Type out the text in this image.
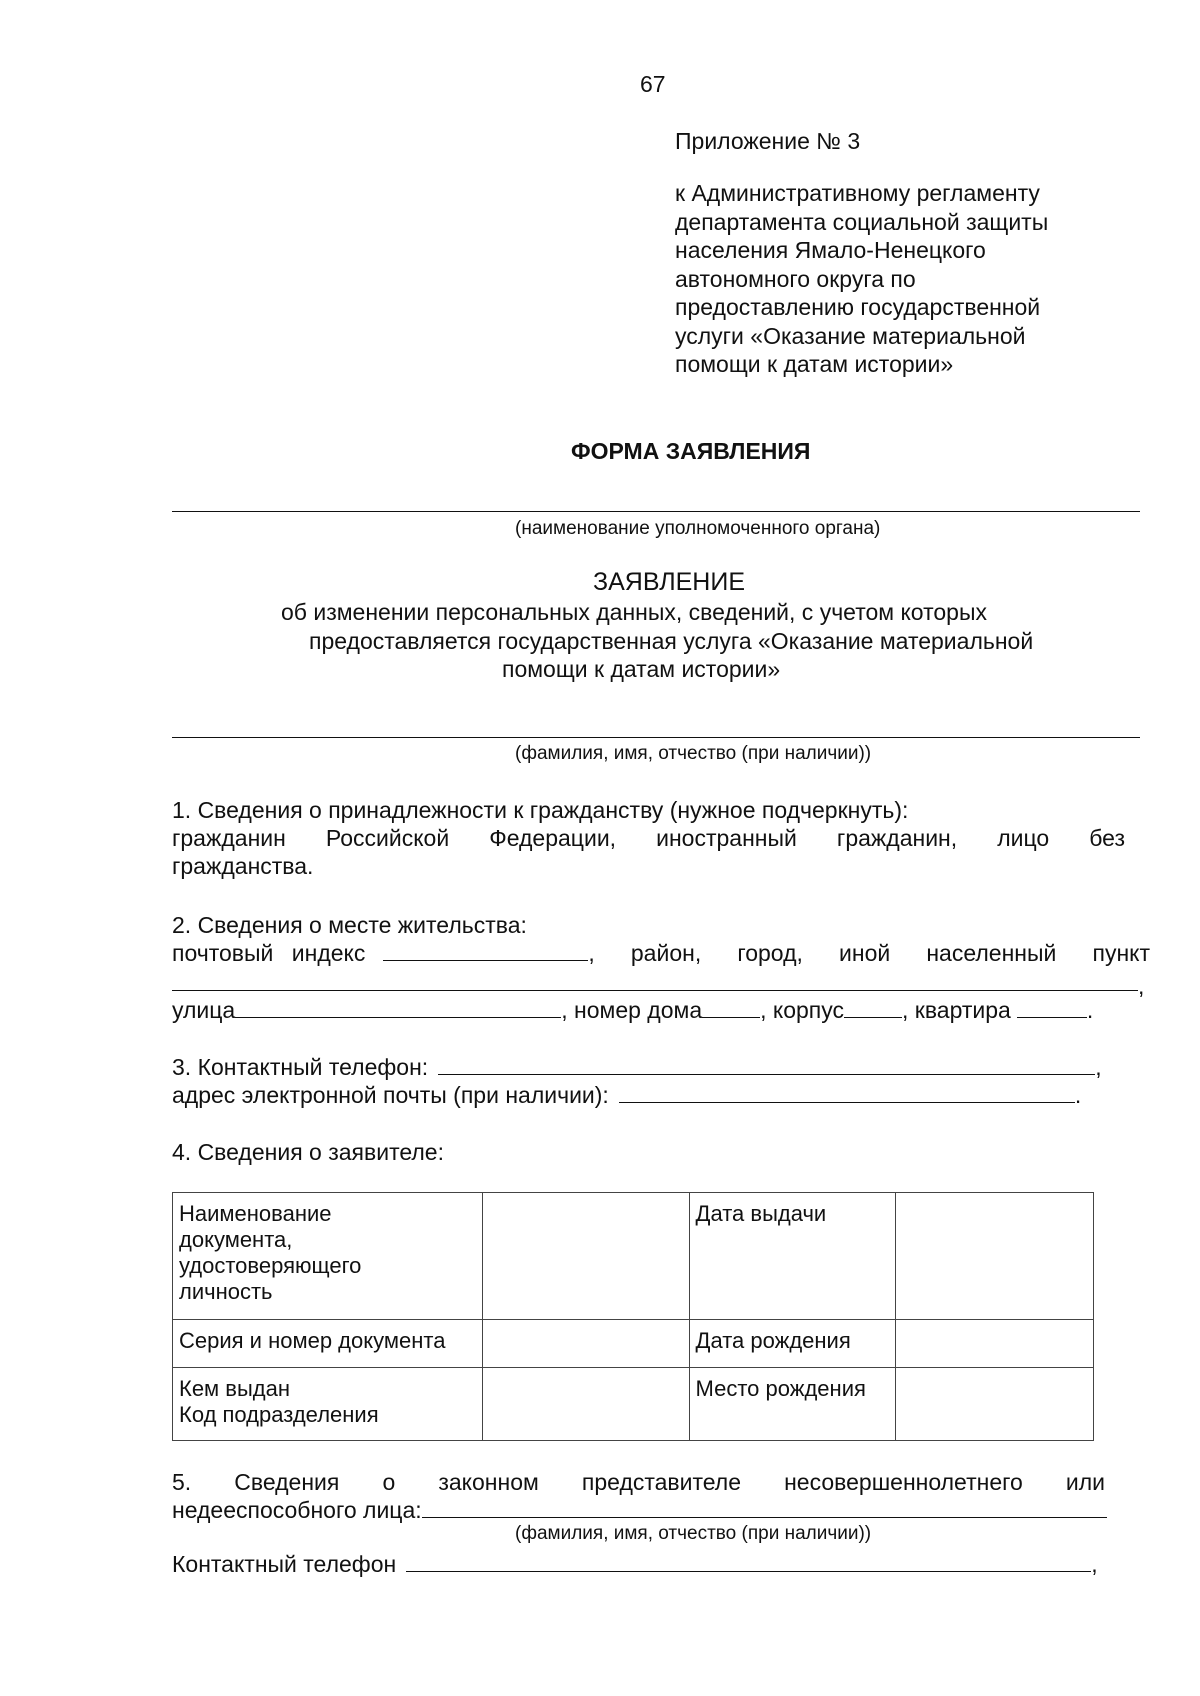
67
Приложение № 3
к Административному регламенту
департамента социальной защиты
населения Ямало-Ненецкого
автономного округа по
предоставлению государственной
услуги «Оказание материальной
помощи к датам истории»
ФОРМА ЗАЯВЛЕНИЯ
(наименование уполномоченного органа)
ЗАЯВЛЕНИЕ
об изменении персональных данных, сведений, с учетом которых
предоставляется государственная услуга «Оказание материальной
помощи к датам истории»
(фамилия, имя, отчество (при наличии))
1. Сведения о принадлежности к гражданству (нужное подчеркнуть):
гражданин Российской Федерации, иностранный гражданин, лицо без
гражданства.
2. Сведения о месте жительства:
почтовый индекс	, район, город, иной населенный пункт
,
улица	, номер дома	, корпус	, квартира	.
3. Контактный телефон:	,
адрес электронной почты (при наличии):	.
4. Сведения о заявителе:
Наименование
документа,
удостоверяющего
личность		Дата выдачи	
Серия и номер документа		Дата рождения	

Кем выдан
Код подразделения		Место рождения	
5. Сведения о законном представителе несовершеннолетнего или
недееспособного лица:
(фамилия, имя, отчество (при наличии))
Контактный телефон	,
